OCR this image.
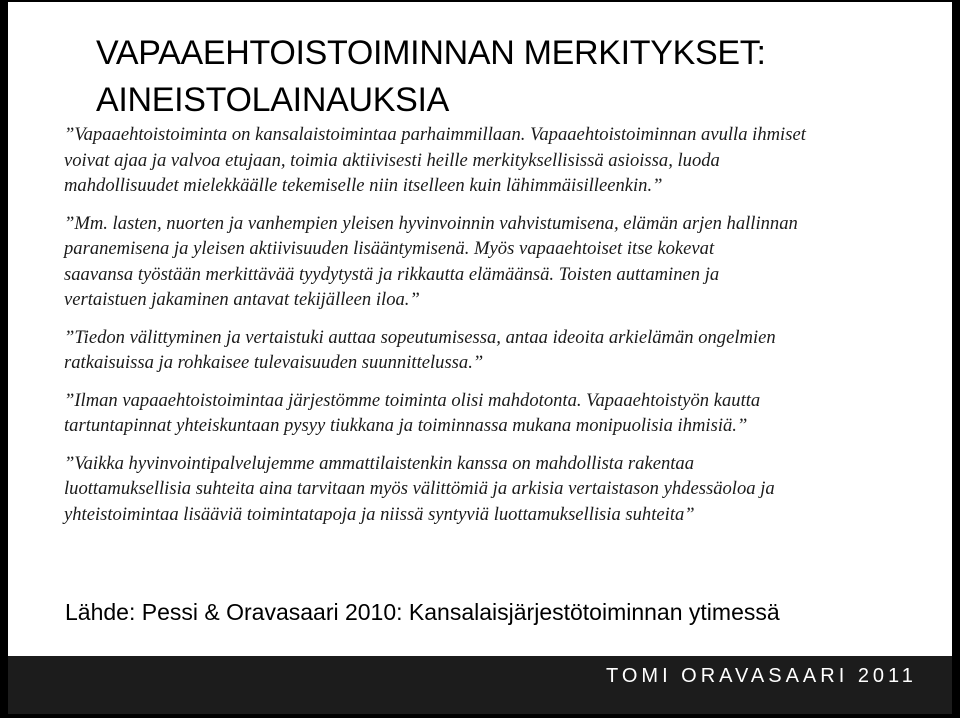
VAPAAEHTOISTOIMINNAN MERKITYKSET:
AINEISTOLAINAUKSIA

”Vapaaehtoistoiminta on kansalaistoimintaa parhaimmillaan. Vapaaehtoistoiminnan avulla ihmiset
voivat ajaa ja valvoa etujaan, toimia aktiivisesti heille merkityksellisissä asioissa, luoda
mahdollisuudet mielekkäälle tekemiselle niin itselleen kuin lähimmäisilleenkin.”

”Mm. lasten, nuorten ja vanhempien yleisen hyvinvoinnin vahvistumisena, elämän arjen hallinnan
paranemisena ja yleisen aktiivisuuden lisääntymisenä. Myös vapaaehtoiset itse kokevat
saavansa työstään merkittävää tyydytystä ja rikkautta elämäänsä. Toisten auttaminen ja
vertaistuen jakaminen antavat tekijälleen iloa.”

”Tiedon välittyminen ja vertaistuki auttaa sopeutumisessa, antaa ideoita arkielämän ongelmien
ratkaisuissa ja rohkaisee tulevaisuuden suunnittelussa.”

”Ilman vapaaehtoistoimintaa järjestömme toiminta olisi mahdotonta. Vapaaehtoistyön kautta
tartuntapinnat yhteiskuntaan pysyy tiukkana ja toiminnassa mukana monipuolisia ihmisiä.”

”Vaikka hyvinvointipalvelujemme ammattilaistenkin kanssa on mahdollista rakentaa
luottamuksellisia suhteita aina tarvitaan myös välittömiä ja arkisia vertaistason yhdessäoloa ja
yhteistoimintaa lisääviä toimintatapoja ja niissä syntyviä luottamuksellisia suhteita”

Lähde: Pessi & Oravasaari 2010: Kansalaisjärjestötoiminnan ytimessä
TOMI ORAVASAARI 2011
